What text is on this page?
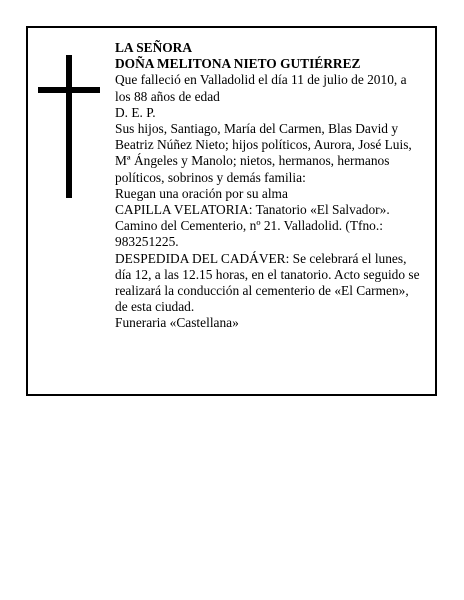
LA SEÑORA

DOÑA MELITONA NIETO GUTIÉRREZ

Que falleció en Valladolid el día 11 de julio de 2010, a los 88 años de edad

D. E. P.

Sus hijos, Santiago, María del Carmen, Blas David y Beatriz Núñez Nieto; hijos políticos, Aurora, José Luis, Mª Ángeles y Manolo; nietos, hermanos, hermanos políticos, sobrinos y demás familia:

Ruegan una oración por su alma

CAPILLA VELATORIA: Tanatorio «El Salvador». Camino del Cementerio, nº 21. Valladolid. (Tfno.: 983251225.

DESPEDIDA DEL CADÁVER: Se celebrará el lunes, día 12, a las 12.15 horas, en el tanatorio. Acto seguido se realizará la conducción al cementerio de «El Carmen», de esta ciudad.

Funeraria «Castellana»
